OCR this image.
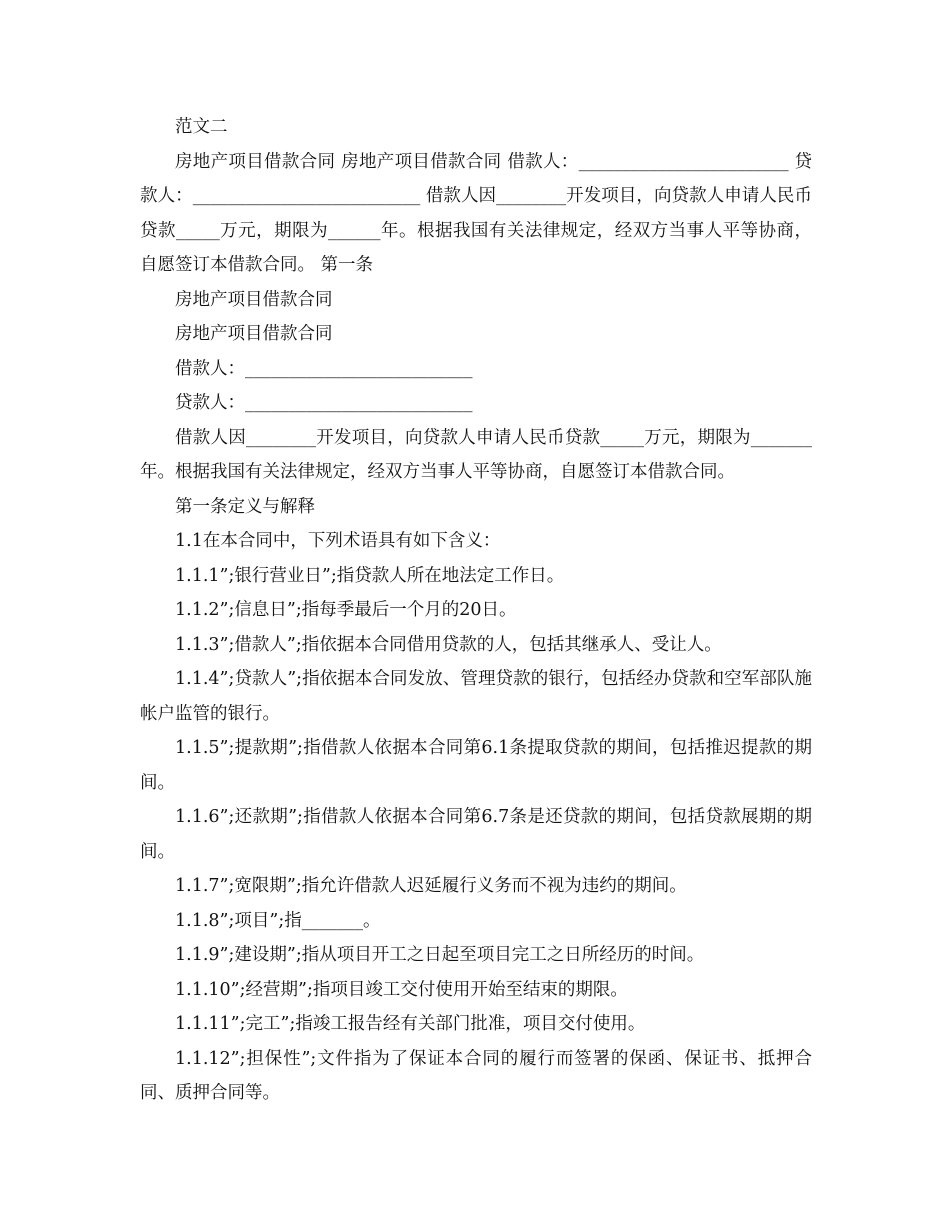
范文二

房地产项目借款合同 房地产项目借款合同 借款人：________________________ 贷款人：__________________________ 借款人因________开发项目，向贷款人申请人民币贷款_____万元，期限为______年。根据我国有关法律规定，经双方当事人平等协商，自愿签订本借款合同。 第一条

房地产项目借款合同

房地产项目借款合同

借款人：__________________________

贷款人：__________________________

借款人因________开发项目，向贷款人申请人民币贷款_____万元，期限为_______年。根据我国有关法律规定，经双方当事人平等协商，自愿签订本借款合同。

第一条定义与解释

1.1在本合同中，下列术语具有如下含义：

1.1.1”;银行营业日”;指贷款人所在地法定工作日。

1.1.2”;信息日”;指每季最后一个月的20日。

1.1.3”;借款人”;指依据本合同借用贷款的人，包括其继承人、受让人。

1.1.4”;贷款人”;指依据本合同发放、管理贷款的银行，包括经办贷款和空军部队施帐户监管的银行。

1.1.5”;提款期”;指借款人依据本合同第6.1条提取贷款的期间，包括推迟提款的期间。

1.1.6”;还款期”;指借款人依据本合同第6.7条是还贷款的期间，包括贷款展期的期间。

1.1.7”;宽限期”;指允许借款人迟延履行义务而不视为违约的期间。

1.1.8”;项目”;指_______。

1.1.9”;建设期”;指从项目开工之日起至项目完工之日所经历的时间。

1.1.10”;经营期”;指项目竣工交付使用开始至结束的期限。

1.1.11”;完工”;指竣工报告经有关部门批准，项目交付使用。

1.1.12”;担保性”;文件指为了保证本合同的履行而签署的保函、保证书、抵押合同、质押合同等。
